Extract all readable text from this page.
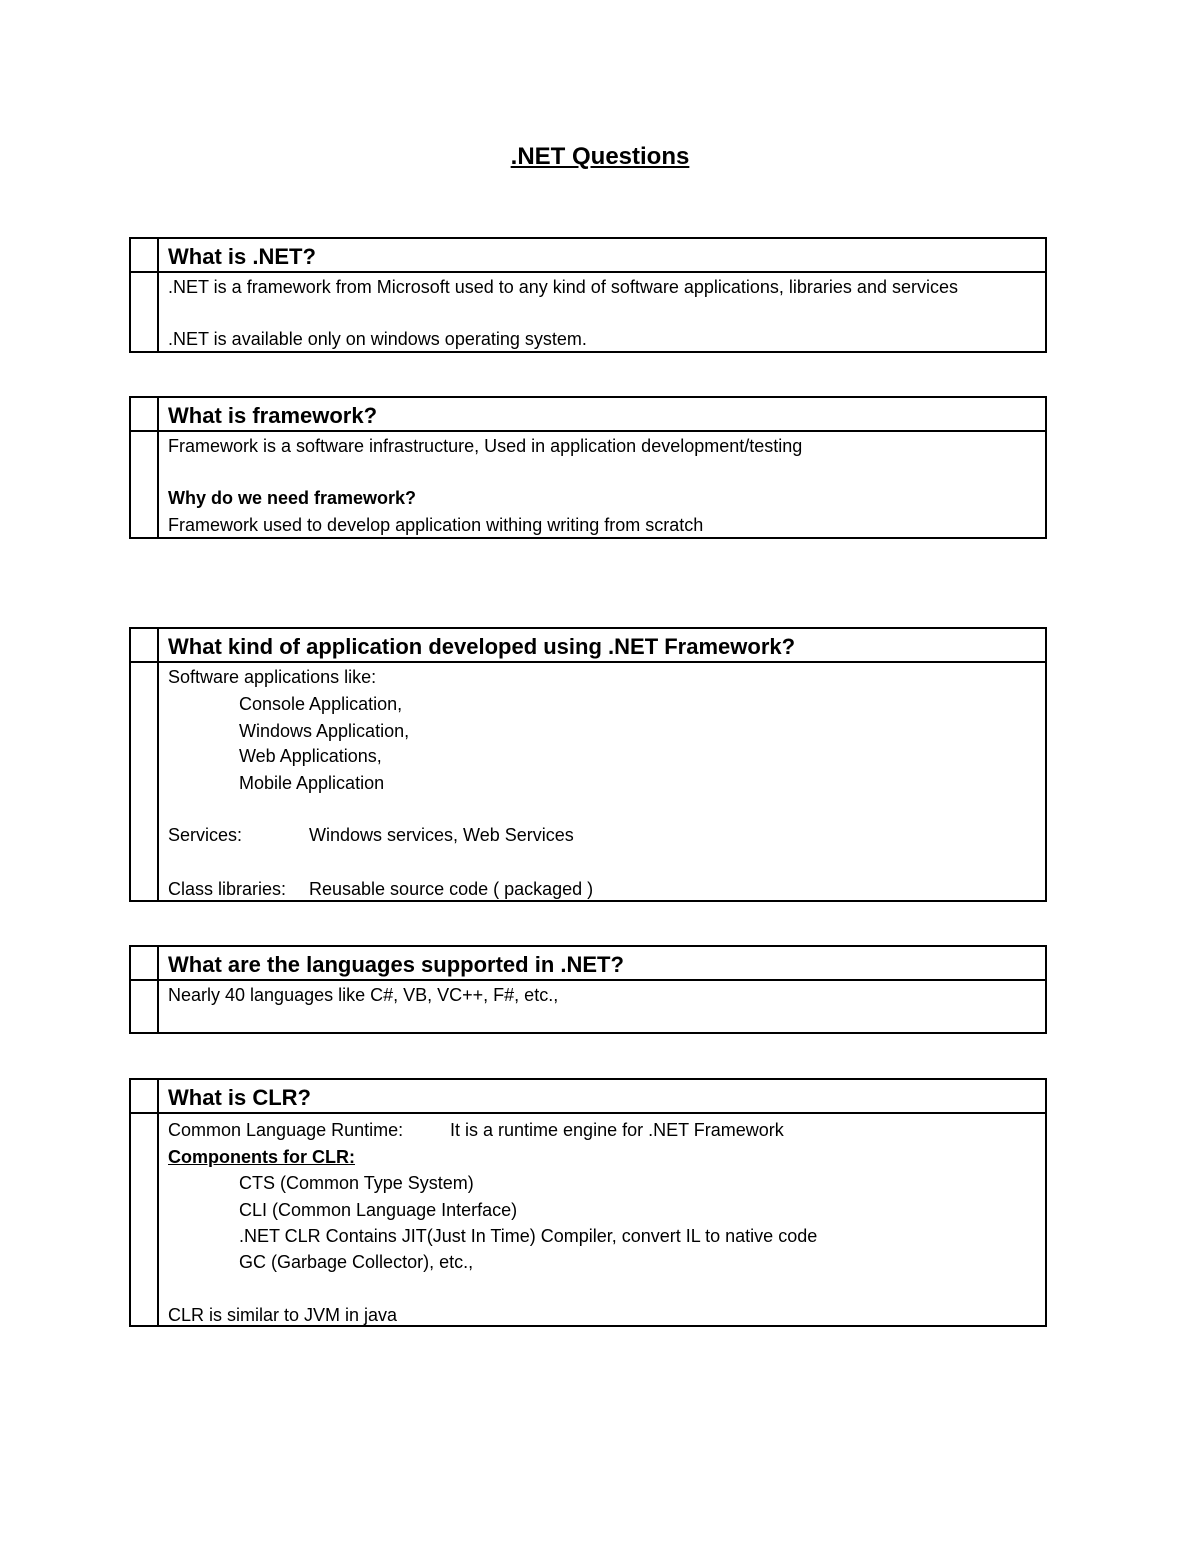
.NET Questions
What is .NET?
.NET is a framework from Microsoft used to any kind of software applications, libraries and services
.NET is available only on windows operating system.
What is framework?
Framework is a software infrastructure, Used in application development/testing
Why do we need framework?
Framework used to develop application withing writing from scratch
What kind of application developed using .NET Framework?
Software applications like:
Console Application,
Windows Application,
Web Applications,
Mobile Application
Services:	Windows services, Web Services
Class libraries: Reusable source code ( packaged )
What are the languages supported in .NET?
Nearly 40 languages like C#, VB, VC++, F#, etc.,
What is CLR?
Common Language Runtime:	It is a runtime engine for .NET Framework
Components for CLR:
CTS (Common Type System)
CLI (Common Language Interface)
.NET CLR Contains JIT(Just In Time) Compiler, convert IL to native code
GC (Garbage Collector), etc.,
CLR is similar to JVM in java
